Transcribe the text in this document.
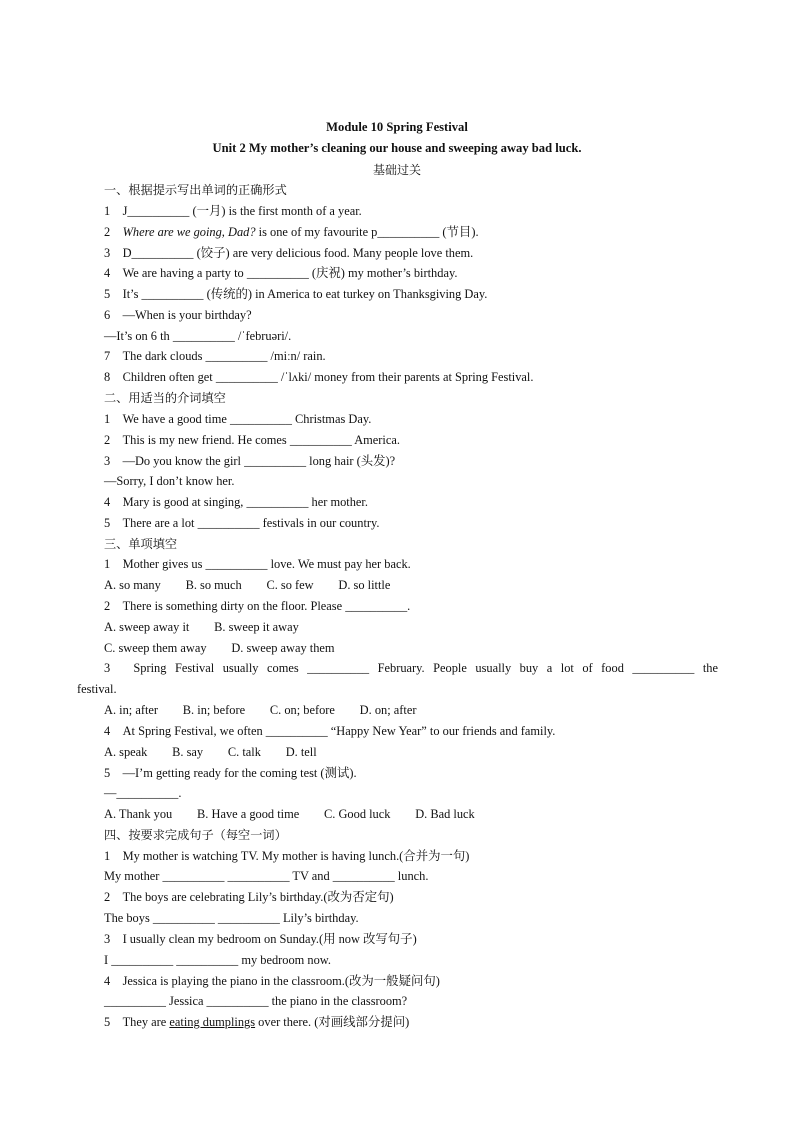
Module 10 Spring Festival
Unit 2 My mother’s cleaning our house and sweeping away bad luck.
基础过关
一、根据提示写出单词的正确形式
1　J__________ (一月) is the first month of a year.
2　Where are we going, Dad? is one of my favourite p__________ (节目).
3　D__________ (饺子) are very delicious food. Many people love them.
4　We are having a party to __________ (庆祝) my mother’s birthday.
5　It’s __________ (传统的) in America to eat turkey on Thanksgiving Day.
6　—When is your birthday?
—It’s on 6 th __________ /ˈfebruəri/.
7　The dark clouds __________ /miːn/ rain.
8　Children often get __________ /ˈlʌki/ money from their parents at Spring Festival.
二、用适当的介词填空
1　We have a good time __________ Christmas Day.
2　This is my new friend. He comes __________ America.
3　—Do you know the girl __________ long hair (头发)?
—Sorry, I don’t know her.
4　Mary is good at singing, __________ her mother.
5　There are a lot __________ festivals in our country.
三、单项填空
1　Mother gives us __________ love. We must pay her back.
A. so many　　B. so much　　C. so few　　D. so little
2　There is something dirty on the floor. Please __________.
A. sweep away it　　B. sweep it away
C. sweep them away　　D. sweep away them
3　Spring Festival usually comes __________ February. People usually buy a lot of food __________ the
festival.
A. in; after　　B. in; before　　C. on; before　　D. on; after
4　At Spring Festival, we often __________ “Happy New Year” to our friends and family.
A. speak　　B. say　　C. talk　　D. tell
5　—I’m getting ready for the coming test (测试).
—__________.
A. Thank you　　B. Have a good time　　C. Good luck　　D. Bad luck
四、按要求完成句子（每空一词）
1　My mother is watching TV. My mother is having lunch.(合并为一句)
My mother __________ __________ TV and __________ lunch.
2　The boys are celebrating Lily’s birthday.(改为否定句)
The boys __________ __________ Lily’s birthday.
3　I usually clean my bedroom on Sunday.(用 now 改写句子)
I __________ __________ my bedroom now.
4　Jessica is playing the piano in the classroom.(改为一般疑问句)
__________ Jessica __________ the piano in the classroom?
5　They are eating dumplings over there. (对画线部分提问)
